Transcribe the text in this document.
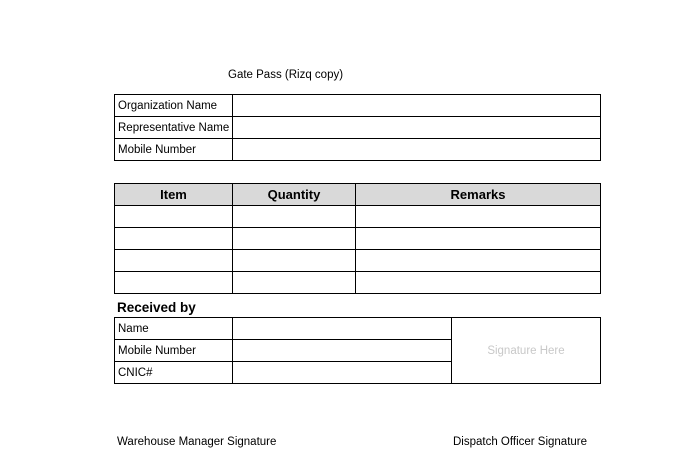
Gate Pass (Rizq copy)
Organization Name	
Representative Name	
Mobile Number	
Item	Quantity	Remarks

Received by
Name		Signature Here
Mobile Number		
CNIC#		
Warehouse Manager Signature	Dispatch Officer Signature
